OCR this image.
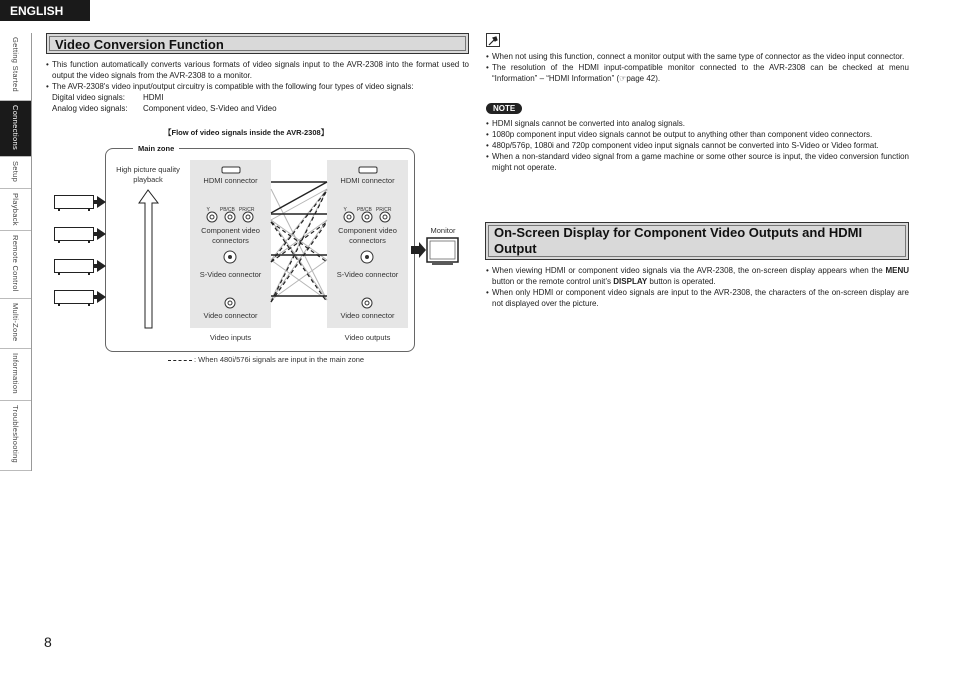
ENGLISH
Getting Started
Connections
Setup
Playback
Remote Control
Multi-Zone
Information
Troubleshooting
8
Video Conversion Function
• This function automatically converts various formats of video signals input to the AVR-2308 into the format used to output the video signals from the AVR-2308 to a monitor.
• The AVR-2308's video input/output circuitry is compatible with the following four types of video signals:
Digital video signals: HDMI
Analog video signals: Component video, S-Video and Video
【Flow of video signals inside the AVR-2308】
Main zone
High picture quality playback	HDMI connector	HDMI connector
Y PB/CB PR/CR	Y PB/CB PR/CR
Component video connectors
Component video connectors
S-Video connector	S-Video connector
Video connector	Video connector
Video inputs	Video outputs
Monitor
: When 480i/576i signals are input in the main zone
• When not using this function, connect a monitor output with the same type of connector as the video input connector.
• The resolution of the HDMI input-compatible monitor connected to the AVR-2308 can be checked at menu “Information” – “HDMI Information” (☞page 42).
NOTE
• HDMI signals cannot be converted into analog signals.
• 1080p component input video signals cannot be output to anything other than component video connectors.
• 480p/576p, 1080i and 720p component video input signals cannot be converted into S-Video or Video format.
• When a non-standard video signal from a game machine or some other source is input, the video conversion function might not operate.
On-Screen Display for Component Video Outputs and HDMI Output
• When viewing HDMI or component video signals via the AVR-2308, the on-screen display appears when the MENU button or the remote control unit’s DISPLAY button is operated.
• When only HDMI or component video signals are input to the AVR-2308, the characters of the on-screen display are not displayed over the picture.
